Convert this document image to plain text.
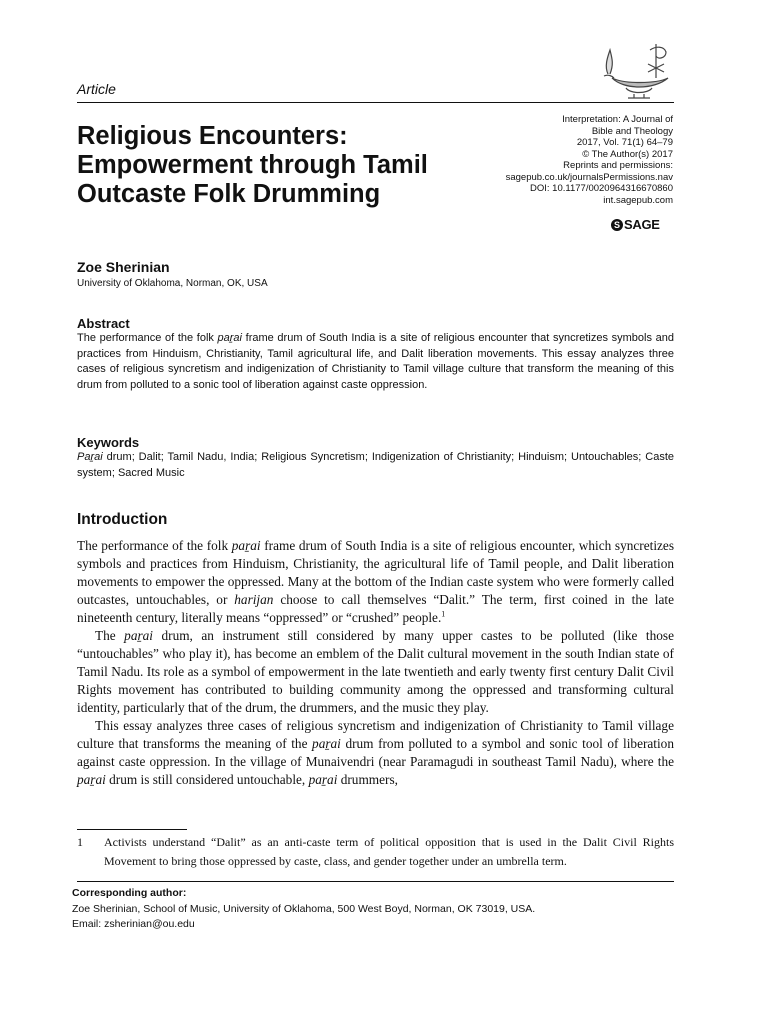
Article
Religious Encounters: Empowerment through Tamil Outcaste Folk Drumming
Interpretation: A Journal of
Bible and Theology
2017, Vol. 71(1) 64–79
© The Author(s) 2017
Reprints and permissions:
sagepub.co.uk/journalsPermissions.nav
DOI: 10.1177/0020964316670860
int.sagepub.com
S SAGE
Zoe Sherinian
University of Oklahoma, Norman, OK, USA
Abstract

The performance of the folk paṟai frame drum of South India is a site of religious encounter that syncretizes symbols and practices from Hinduism, Christianity, Tamil agricultural life, and Dalit liberation movements. This essay analyzes three cases of religious syncretism and indigenization of Christianity to Tamil village culture that transform the meaning of this drum from polluted to a sonic tool of liberation against caste oppression.

Keywords

Paṟai drum; Dalit; Tamil Nadu, India; Religious Syncretism; Indigenization of Christianity; Hinduism; Untouchables; Caste system; Sacred Music

Introduction

The performance of the folk paṟai frame drum of South India is a site of religious encounter, which syncretizes symbols and practices from Hinduism, Christianity, the agricultural life of Tamil people, and Dalit liberation movements to empower the oppressed. Many at the bottom of the Indian caste system who were formerly called outcastes, untouchables, or harijan choose to call themselves “Dalit.” The term, first coined in the late nineteenth century, literally means “oppressed” or “crushed” people.$^1$

The paṟai drum, an instrument still considered by many upper castes to be polluted (like those “untouchables” who play it), has become an emblem of the Dalit cultural movement in the south Indian state of Tamil Nadu. Its role as a symbol of empowerment in the late twentieth and early twenty first century Dalit Civil Rights movement has contributed to building community among the oppressed and transforming cultural identity, particularly that of the drum, the drummers, and the music they play.

This essay analyzes three cases of religious syncretism and indigenization of Christianity to Tamil village culture that transforms the meaning of the paṟai drum from polluted to a symbol and sonic tool of liberation against caste oppression. In the village of Munaivendri (near Paramagudi in southeast Tamil Nadu), where the paṟai drum is still considered untouchable, paṟai drummers,

1 Activists understand “Dalit” as an anti-caste term of political opposition that is used in the Dalit Civil Rights Movement to bring those oppressed by caste, class, and gender together under an umbrella term.

Corresponding author:
Zoe Sherinian, School of Music, University of Oklahoma, 500 West Boyd, Norman, OK 73019, USA.
Email: zsherinian@ou.edu
